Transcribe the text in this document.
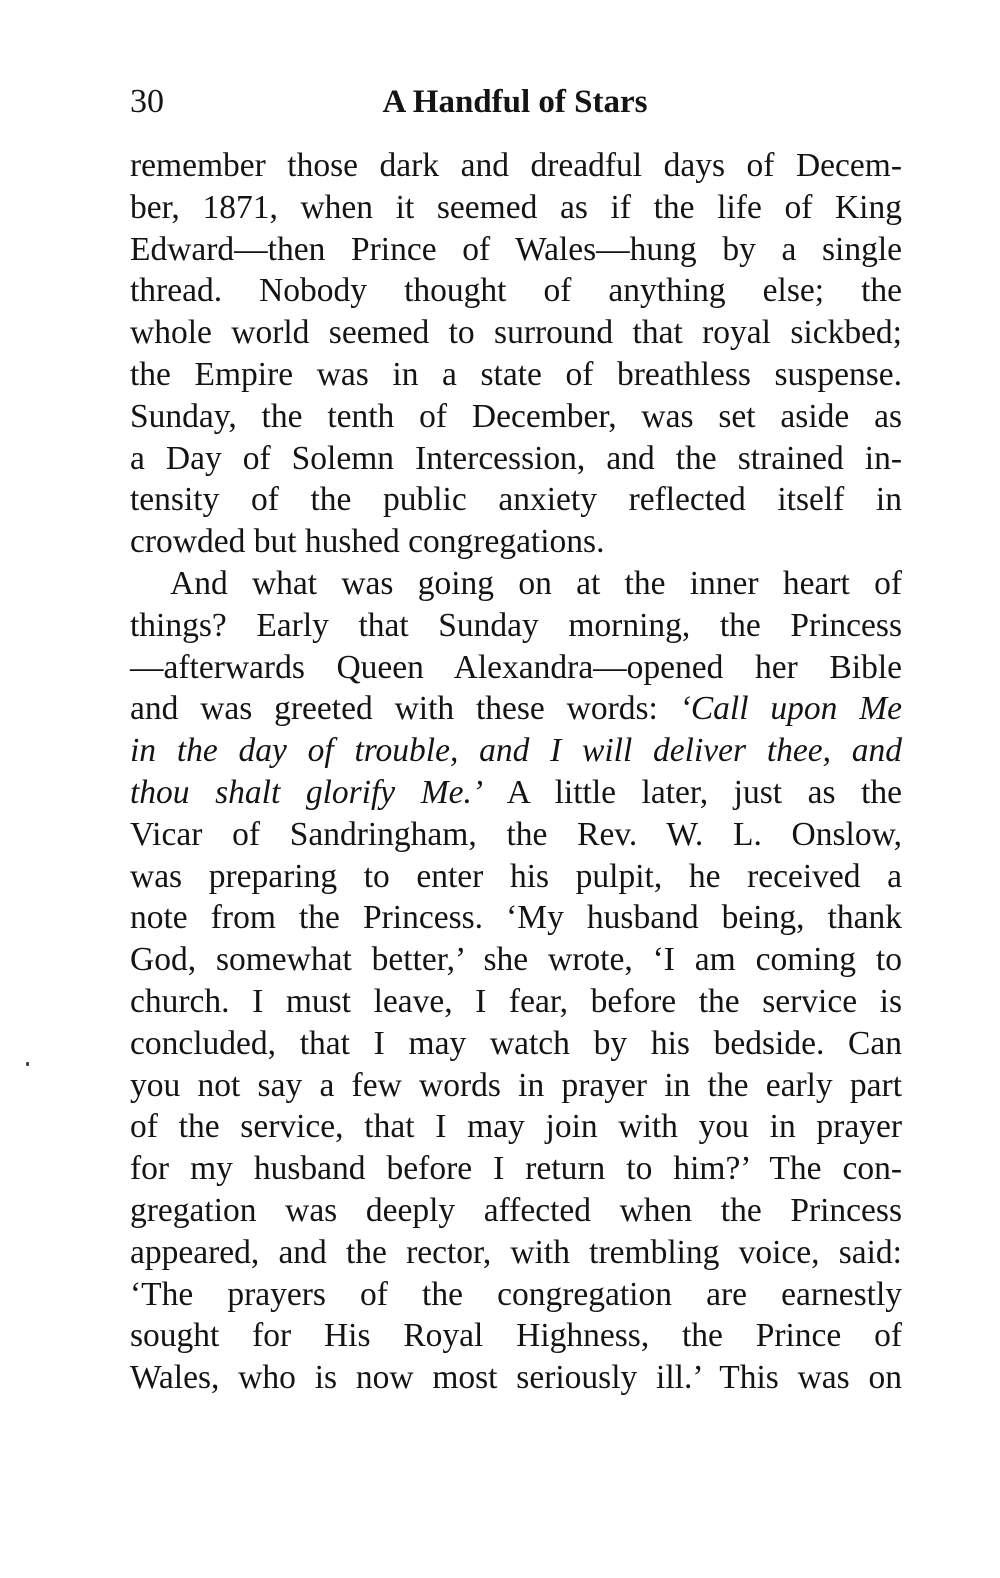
30	A Handful of Stars
remember those dark and dreadful days of Decem-
ber, 1871, when it seemed as if the life of King
Edward—then Prince of Wales—hung by a single
thread. Nobody thought of anything else; the
whole world seemed to surround that royal sickbed;
the Empire was in a state of breathless suspense.
Sunday, the tenth of December, was set aside as
a Day of Solemn Intercession, and the strained in-
tensity of the public anxiety reflected itself in
crowded but hushed congregations.
And what was going on at the inner heart of
things? Early that Sunday morning, the Princess
—afterwards Queen Alexandra—opened her Bible
and was greeted with these words: ‘Call upon Me
in the day of trouble, and I will deliver thee, and
thou shalt glorify Me.’ A little later, just as the
Vicar of Sandringham, the Rev. W. L. Onslow,
was preparing to enter his pulpit, he received a
note from the Princess. ‘My husband being, thank
God, somewhat better,’ she wrote, ‘I am coming to
church. I must leave, I fear, before the service is
concluded, that I may watch by his bedside. Can
you not say a few words in prayer in the early part
of the service, that I may join with you in prayer
for my husband before I return to him?’ The con-
gregation was deeply affected when the Princess
appeared, and the rector, with trembling voice, said:
‘The prayers of the congregation are earnestly
sought for His Royal Highness, the Prince of
Wales, who is now most seriously ill.’ This was on
